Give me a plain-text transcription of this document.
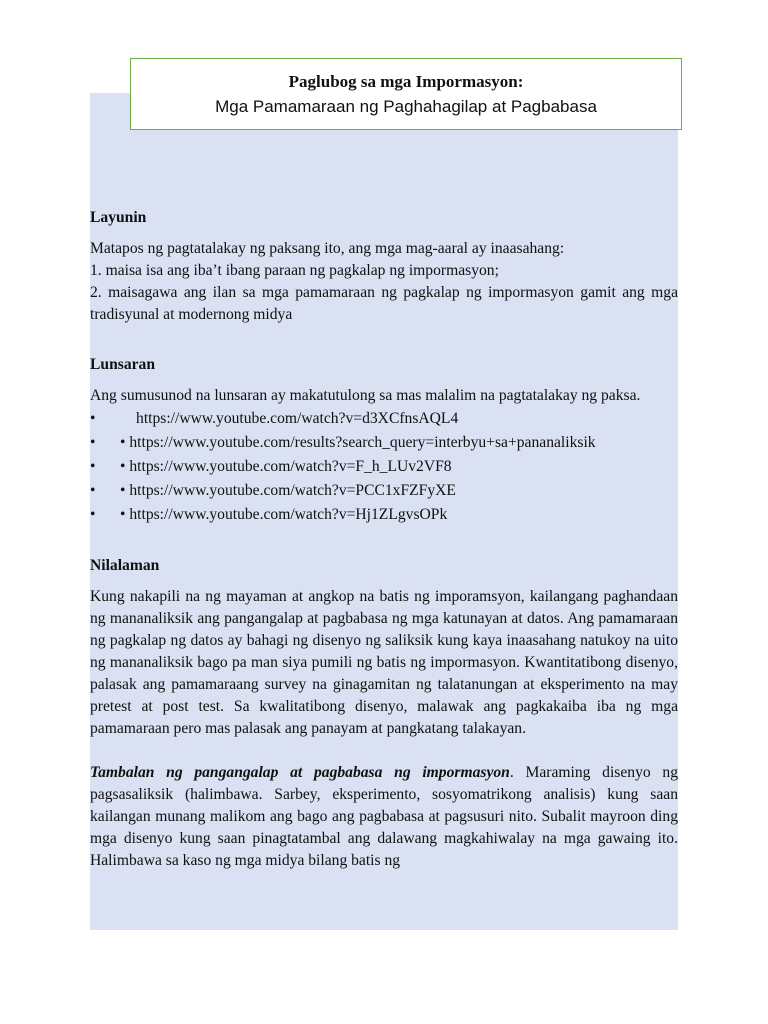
Paglubog sa mga Impormasyon:
Mga Pamamaraan ng Paghahagilap at Pagbabasa

Layunin

Matapos ng pagtatalakay ng paksang ito, ang mga mag-aaral ay inaasahang:

1. maisa isa ang iba’t ibang paraan ng pagkalap ng impormasyon;

2. maisagawa ang ilan sa mga pamamaraan ng pagkalap ng impormasyon gamit ang mga tradisyunal at modernong midya

Lunsaran

Ang sumusunod na lunsaran ay makatutulong sa mas malalim na pagtatalakay ng paksa.

• https://www.youtube.com/watch?v=d3XCfnsAQL4
• • https://www.youtube.com/results?search_query=interbyu+sa+pananaliksik
• • https://www.youtube.com/watch?v=F_h_LUv2VF8
• • https://www.youtube.com/watch?v=PCC1xFZFyXE
• • https://www.youtube.com/watch?v=Hj1ZLgvsOPk

Nilalaman

Kung nakapili na ng mayaman at angkop na batis ng imporamsyon, kailangang paghandaan ng mananaliksik ang pangangalap at pagbabasa ng mga katunayan at datos. Ang pamamaraan ng pagkalap ng datos ay bahagi ng disenyo ng saliksik kung kaya inaasahang natukoy na uito ng mananaliksik bago pa man siya pumili ng batis ng impormasyon. Kwantitatibong disenyo, palasak ang pamamaraang survey na ginagamitan ng talatanungan at eksperimento na may pretest at post test. Sa kwalitatibong disenyo, malawak ang pagkakaiba iba ng mga pamamaraan pero mas palasak ang panayam at pangkatang talakayan.

Tambalan ng pangangalap at pagbabasa ng impormasyon. Maraming disenyo ng pagsasaliksik (halimbawa. Sarbey, eksperimento, sosyomatrikong analisis) kung saan kailangan munang malikom ang bago ang pagbabasa at pagsusuri nito. Subalit mayroon ding mga disenyo kung saan pinagtatambal ang dalawang magkahiwalay na mga gawaing ito. Halimbawa sa kaso ng mga midya bilang batis ng
